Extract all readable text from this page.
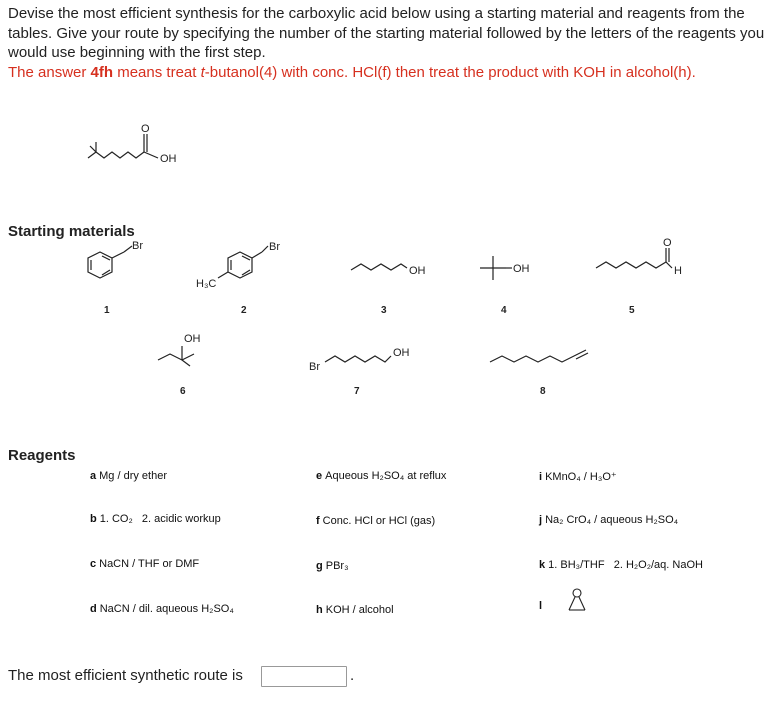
Devise the most efficient synthesis for the carboxylic acid below using a starting material and reagents from the tables. Give your route by specifying the number of the starting material followed by the letters of the reagents you would use beginning with the first step.
The answer 4fh means treat t-butanol(4) with conc. HCl(f) then treat the product with KOH in alcohol(h).
OH
O
Starting materials
Br
1
Br
H₃C
2
OH
3
OH
4
O
H
5
OH
6
Br
OH
7	8
Reagents
a Mg / dry ether
b 1. CO₂   2. acidic workup
c NaCN / THF or DMF
d NaCN / dil. aqueous H₂SO₄
e Aqueous H₂SO₄ at reflux
f Conc. HCl or HCl (gas)
g PBr₃
h KOH / alcohol
i KMnO₄ / H₃O⁺
j Na₂ CrO₄ / aqueous H₂SO₄
k 1. BH₃/THF   2. H₂O₂/aq. NaOH
l
The most efficient synthetic route is	.
